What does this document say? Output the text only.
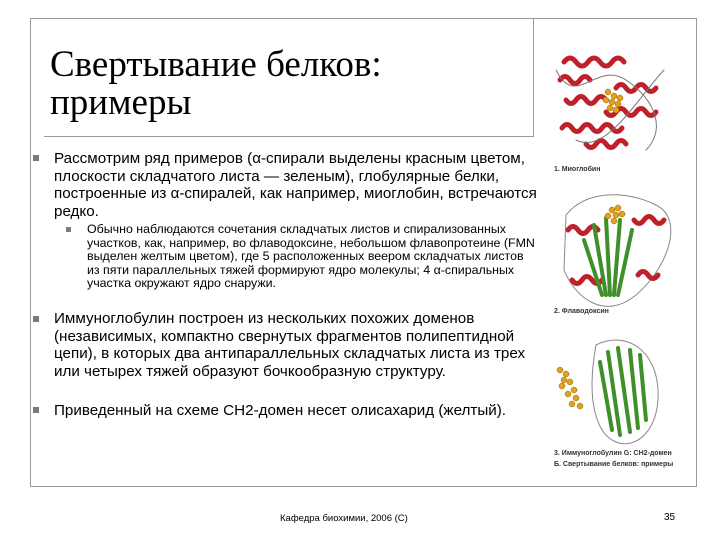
Свертывание белков:
примеры
Рассмотрим ряд примеров (α-спирали выделены красным цветом, плоскости складчатого листа — зеленым), глобулярные белки, построенные из α-спиралей, как например, миоглобин, встречаются редко.
Обычно наблюдаются сочетания складчатых листов и спирализованных участков, как, например, во флаводоксине, небольшом флавопротеине (FMN выделен желтым цветом), где 5 расположенных веером складчатых листов из пяти параллельных тяжей формируют ядро молекулы; 4 α-спиральных участка окружают ядро снаружи.
Иммуноглобулин построен из нескольких похожих доменов (независимых, компактно свернутых фрагментов полипептидной цепи), в которых два антипараллельных складчатых листа из трех или четырех тяжей образуют бочкообразную структуру.
Приведенный на схеме CH2-домен несет олисахарид (желтый).
1. Миоглобин
2. Флаводоксин
3. Иммуноглобулин G: CH2-домен
Б. Свертывание белков: примеры
Кафедра биохимии, 2006 (С)	35
